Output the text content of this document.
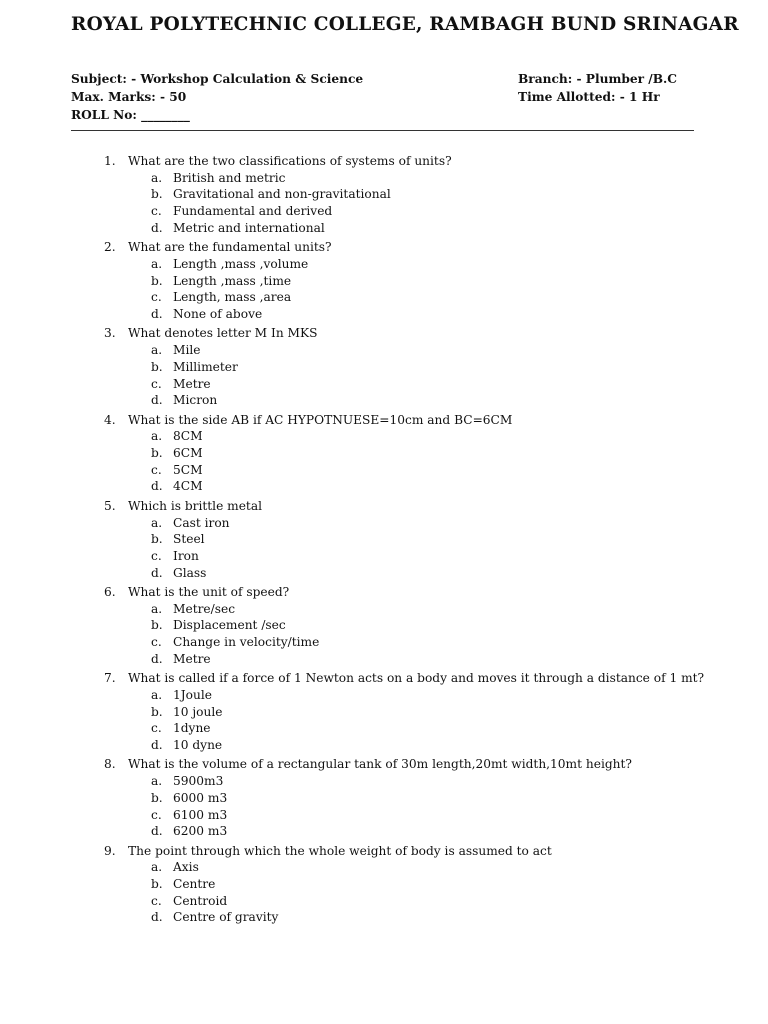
ROYAL POLYTECHNIC COLLEGE, RAMBAGH BUND SRINAGAR
Subject: - Workshop Calculation & Science
Max. Marks: - 50
ROLL No: ________
Branch: - Plumber /B.C
Time Allotted: - 1 Hr
1.	What are the two classifications of systems of units?
a. British and metric
b. Gravitational and non-gravitational
c. Fundamental and derived
d. Metric and international
2.	What are the fundamental units?
a. Length ,mass ,volume
b. Length ,mass ,time
c. Length, mass ,area
d. None of above
3.	What denotes letter M In MKS
a. Mile
b. Millimeter
c. Metre
d. Micron
4.	What is the side AB if AC HYPOTNUESE=10cm and BC=6CM
a. 8CM
b. 6CM
c. 5CM
d. 4CM
5.	Which is brittle metal
a. Cast iron
b. Steel
c. Iron
d. Glass
6.	What is the unit of speed?
a. Metre/sec
b. Displacement /sec
c. Change in velocity/time
d. Metre
7.	What is called if a force of 1 Newton acts on a body and moves it through a distance of 1 mt?
a. 1Joule
b. 10 joule
c. 1dyne
d. 10 dyne
8.	What is the volume of a rectangular tank of 30m length,20mt width,10mt height?
a. 5900m3
b. 6000 m3
c. 6100 m3
d. 6200 m3
9.	The point through which the whole weight of body is assumed to act
a. Axis
b. Centre
c. Centroid
d. Centre of gravity
